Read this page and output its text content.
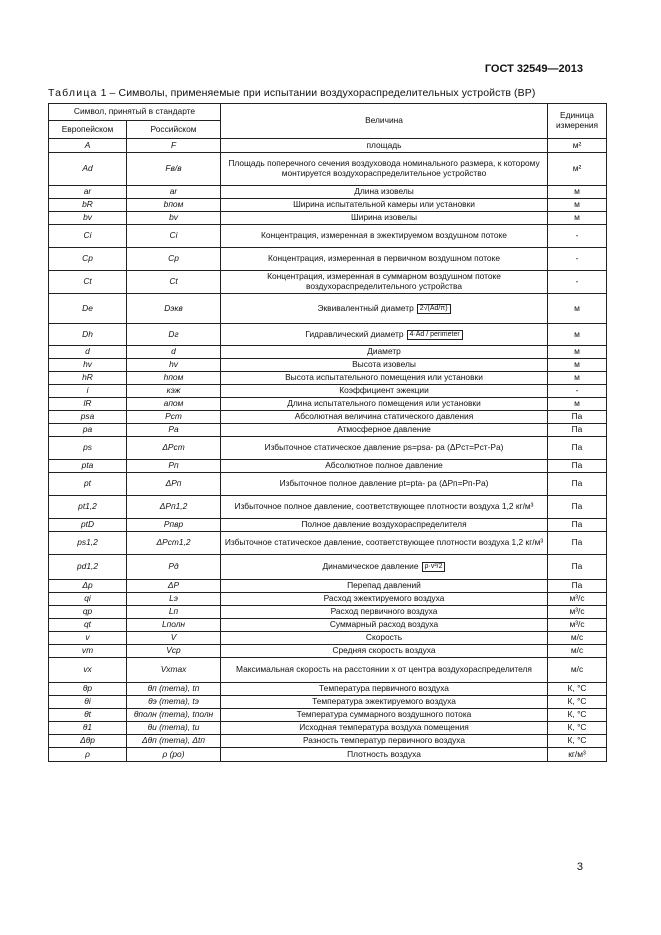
ГОСТ 32549—2013
Таблица 1 – Символы, применяемые при испытании воздухораспределительных устройств (ВР)
Символ, принятый в стандарте		Величина	Единица измерения
Европейском	Российском		
A	F	площадь	м²
Ad	Fв/в	Площадь поперечного сечения воздуховода номинального размера, к которому монтируется воздухораспределительное устройство	м²
ar	ar	Длина изовелы	м
bR	bпом	Ширина испытательной камеры или установки	м
bv	bv	Ширина изовелы	м
Ci	Ci	Концентрация, измеренная в эжектируемом воздушном потоке	-
Cp	Cp	Концентрация, измеренная в первичном воздушном потоке	-
Ct	Ct	Концентрация, измеренная в суммарном воздушном потоке воздухораспределительного устройства	-
De	Dэкв	Эквивалентный диаметр 2√(Ad/π)	м
Dh	Dг	Гидравлический диаметр 4·Ad / perimeter	м
d	d	Диаметр	м
hv	hv	Высота изовелы	м
hR	hпом	Высота испытательного помещения или установки	м
i	кэж	Коэффициент эжекции	-
lR	aпом	Длина испытательного помещения или установки	м
psa	Pст	Абсолютная величина статического давления	Па
pa	Pа	Атмосферное давление	Па
ps	ΔPст	Избыточное статическое давление ps=psa- pa (ΔPст=Pст-Pа)	Па
pta	Pп	Абсолютное полное давление	Па
pt	ΔPп	Избыточное полное давление pt=pta- pa (ΔPп=Pп-Pа)	Па
pt1,2	ΔPп1,2	Избыточное полное давление, соответствующее плотности воздуха 1,2 кг/м³	Па
ptD	Pпвр	Полное давление воздухораспределителя	Па
ps1,2	ΔPст1,2	Избыточное статическое давление, соответствующее плотности воздуха 1,2 кг/м³	Па
pd1,2	Pд	Динамическое давление ρ·v²/2	Па
Δp	ΔP	Перепад давлений	Па
qi	Lэ	Расход эжектируемого воздуха	м³/с
qp	Lп	Расход первичного воздуха	м³/с
qt	Lполн	Суммарный расход воздуха	м³/с
v	V	Скорость	м/с
vm	Vср	Средняя скорость воздуха	м/с
vx	Vxmax	Максимальная скорость на расстоянии x от центра воздухораспределителя	м/с
θp	θп (тета), tп	Температура первичного воздуха	К, °С
θi	θэ (тета), tэ	Температура эжектируемого воздуха	К, °С
θt	θполн (тета), tполн	Температура суммарного воздушного потока	К, °С
θ1	θи (тета), tи	Исходная температура воздуха помещения	К, °С
Δθp	Δθп (тета), Δtп	Разность температур первичного воздуха	К, °С
ρ	ρ (ро)	Плотность воздуха	кг/м³
3
